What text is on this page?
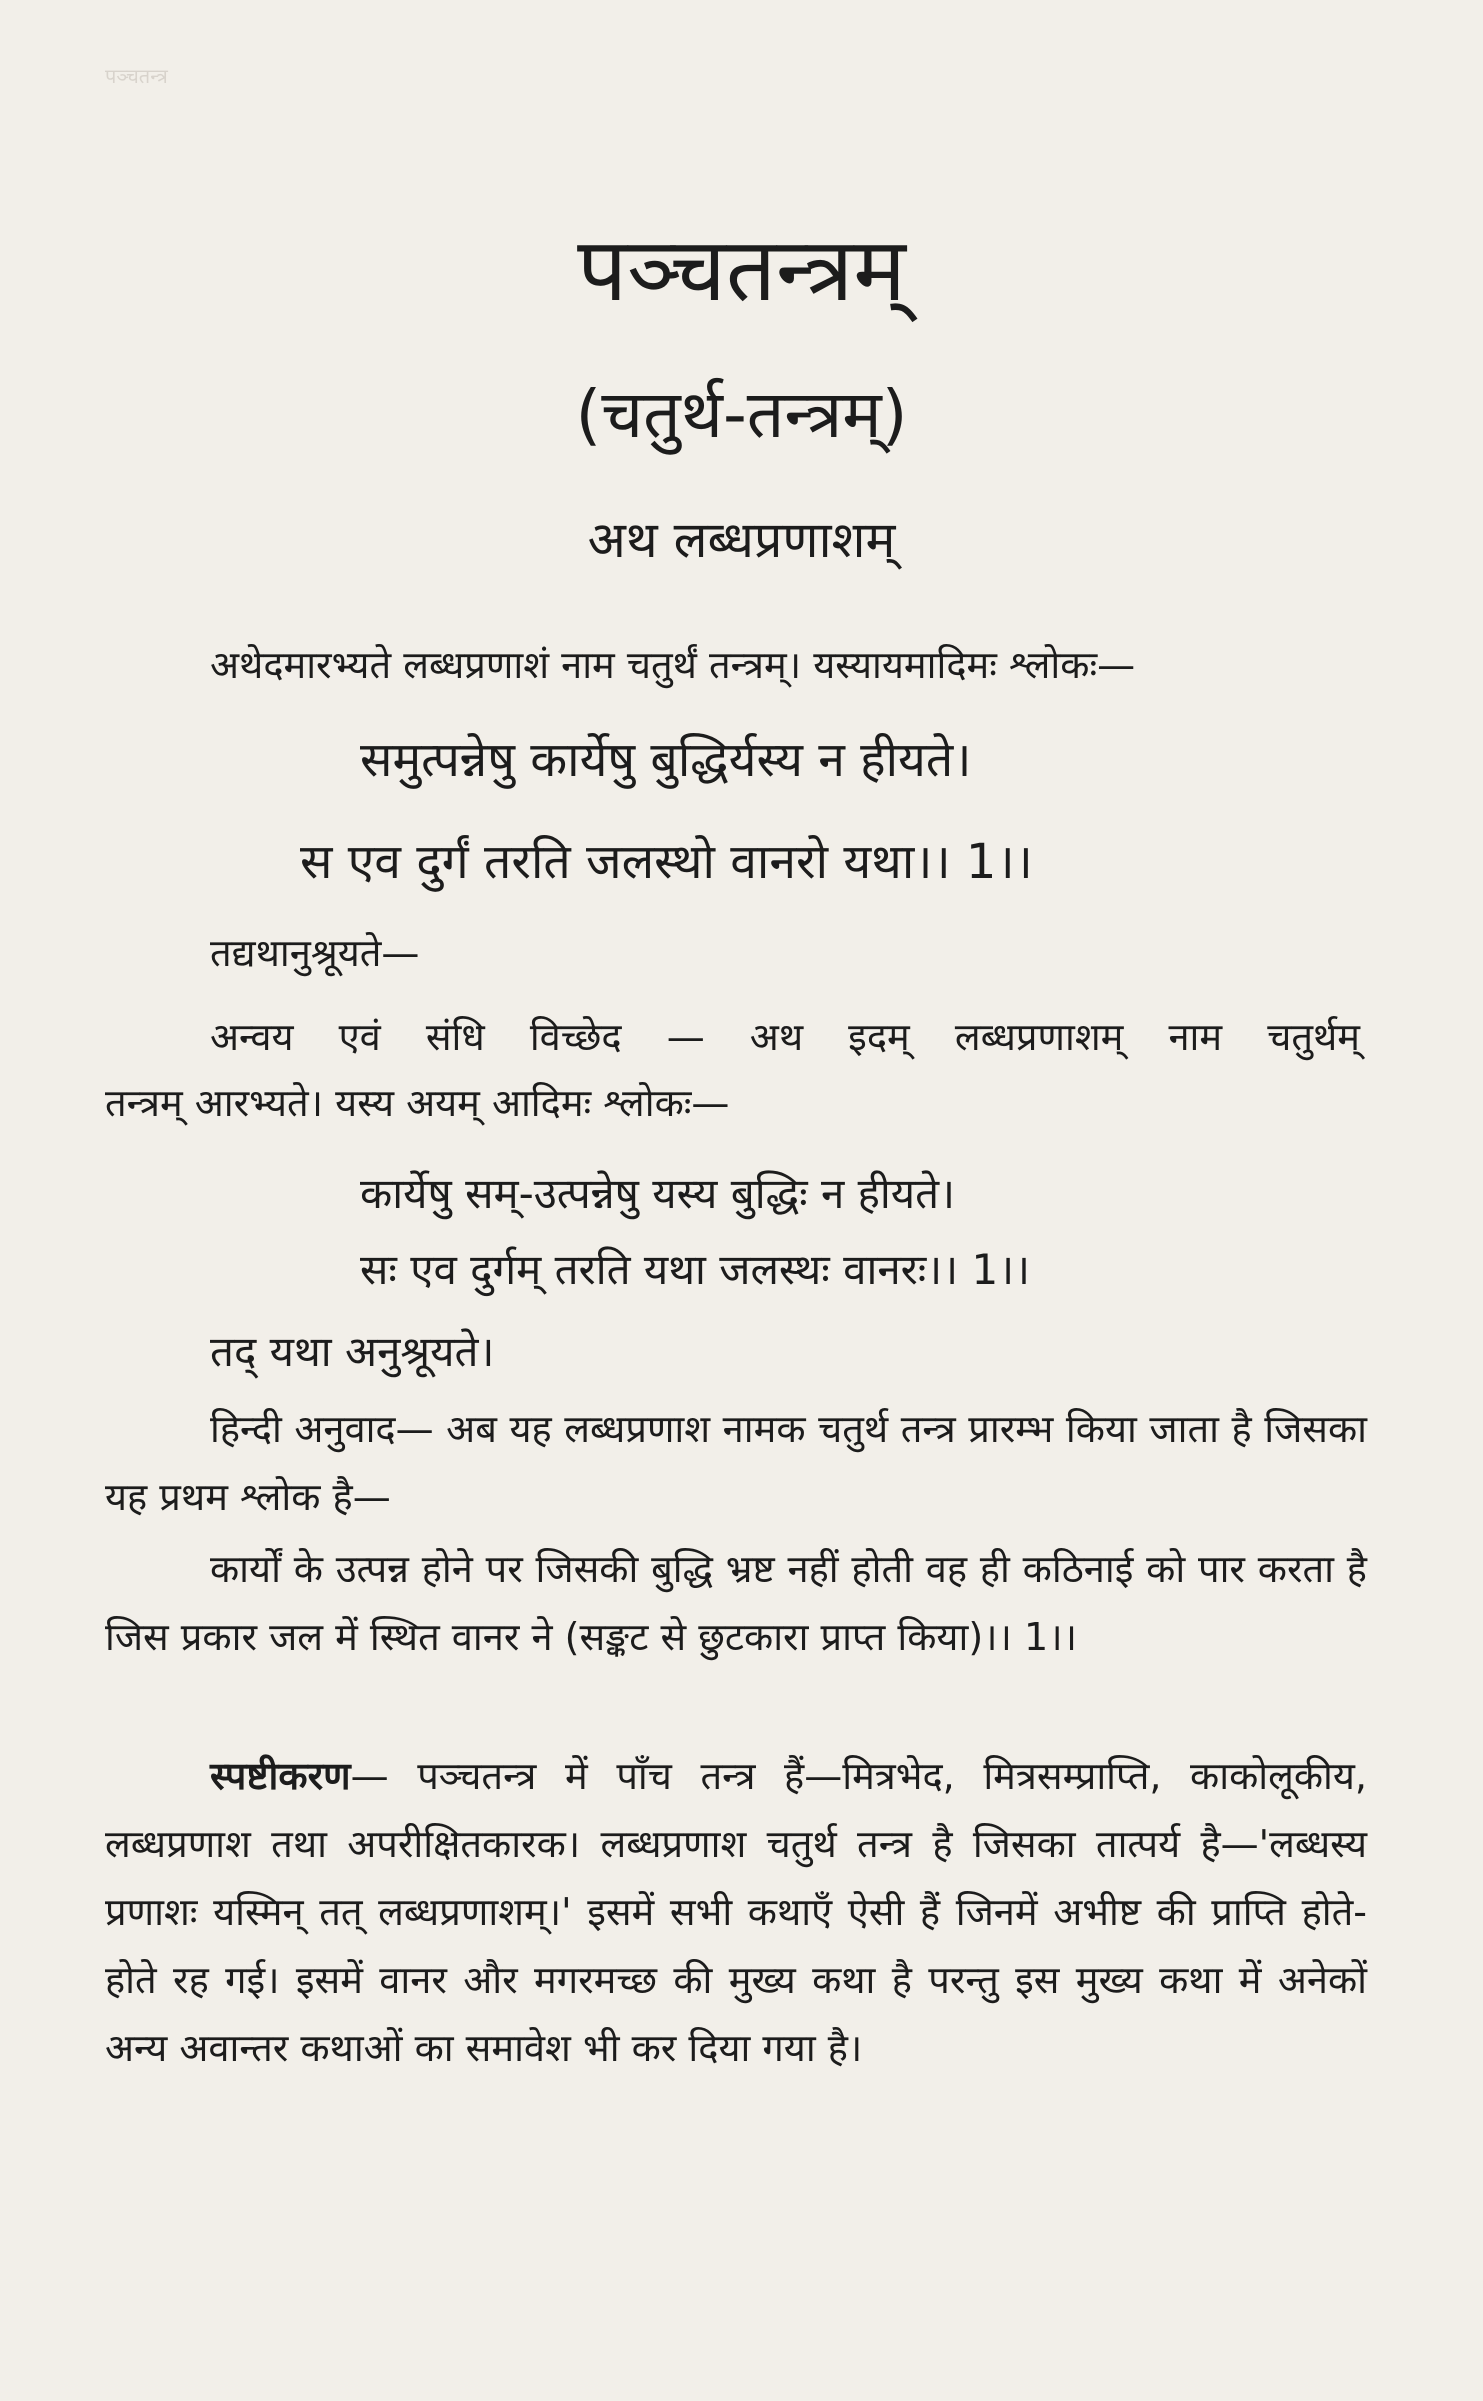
पञ्चतन्त्र
पञ्चतन्त्रम्
(चतुर्थ-तन्त्रम्)
अथ लब्धप्रणाशम्
अथेदमारभ्यते लब्धप्रणाशं नाम चतुर्थं तन्त्रम्। यस्यायमादिमः श्लोकः—
समुत्पन्नेषु कार्येषु बुद्धिर्यस्य न हीयते।
स एव दुर्गं तरति जलस्थो वानरो यथा।। 1।।
तद्यथानुश्रूयते—
अन्वय एवं संधि विच्छेद — अथ इदम् लब्धप्रणाशम् नाम चतुर्थम्
तन्त्रम् आरभ्यते। यस्य अयम् आदिमः श्लोकः—
कार्येषु सम्-उत्पन्नेषु यस्य बुद्धिः न हीयते।
सः एव दुर्गम् तरति यथा जलस्थः वानरः।। 1।।
तद् यथा अनुश्रूयते।
हिन्दी अनुवाद— अब यह लब्धप्रणाश नामक चतुर्थ तन्त्र प्रारम्भ किया जाता है जिसका यह प्रथम श्लोक है—
कार्यों के उत्पन्न होने पर जिसकी बुद्धि भ्रष्ट नहीं होती वह ही कठिनाई को पार करता है जिस प्रकार जल में स्थित वानर ने (सङ्कट से छुटकारा प्राप्त किया)।। 1।।
स्पष्टीकरण— पञ्चतन्त्र में पाँच तन्त्र हैं—मित्रभेद, मित्रसम्प्राप्ति, काकोलूकीय, लब्धप्रणाश तथा अपरीक्षितकारक। लब्धप्रणाश चतुर्थ तन्त्र है जिसका तात्पर्य है—'लब्धस्य प्रणाशः यस्मिन् तत् लब्धप्रणाशम्।' इसमें सभी कथाएँ ऐसी हैं जिनमें अभीष्ट की प्राप्ति होते-होते रह गई। इसमें वानर और मगरमच्छ की मुख्य कथा है परन्तु इस मुख्य कथा में अनेकों अन्य अवान्तर कथाओं का समावेश भी कर दिया गया है।
